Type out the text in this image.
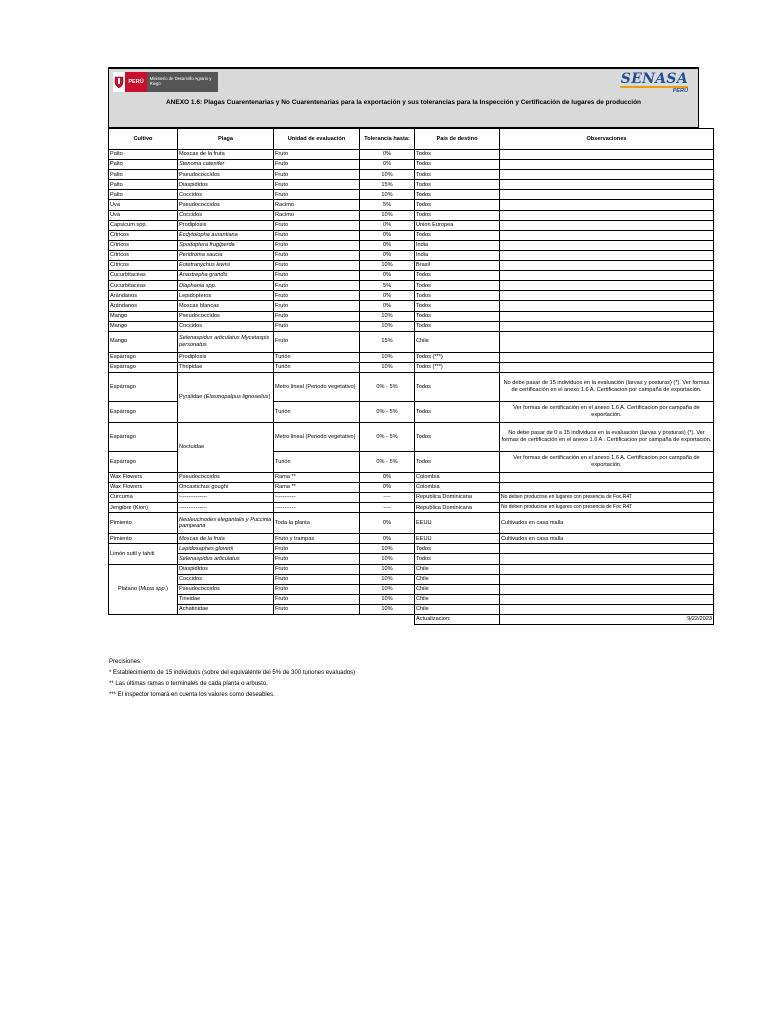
PERÚ
Ministerio de Desarrollo Agrario y Riego	SENASA
PERÚ
ANEXO 1.6: Plagas Cuarentenarias y No Cuarentenarias para la exportación y sus tolerancias para la Inspección y Certificación de lugares de producción
Cultivo	Plaga	Unidad de evaluación	Tolerancia hasta:	País de destino	Observaciones
Palto	Moscas de la fruta	Fruto	0%	Todos	
Palto	Stenoma catenifer	Fruto	0%	Todos	
Palto	Pseudococcidos	Fruto	10%	Todos	
Palto	Diaspididos	Fruto	15%	Todos	
Palto	Coccidos	Fruto	10%	Todos	
Uva	Pseudococcidos	Racimo	5%	Todos	
Uva	Coccidos	Racimo	10%	Todos	
Capsicum spp.	Prodiplosis	Fruto	0%	Union Europea	
Cítricos	Ecdytolopha aurantiana	Fruto	0%	Todos	
Cítricos	Spodoptera frugiperda	Fruto	0%	India	
Cítricos	Peridroma saucia	Fruto	0%	India	
Cítricos	Eotetranychus lewisi	Fruto	10%	Brasil	
Cucurbitaceas	Anastrepha grandis	Fruto	0%	Todos	
Cucurbitaceas	Diaphania spp.	Fruto	5%	Todos	
Arándanos	Lepidopteros	Fruto	0%	Todos	
Arándanos	Moscas blancas	Fruto	0%	Todos	
Mango	Pseudococcidos	Fruto	10%	Todos	
Mango	Coccidos	Fruto	10%	Todos	
Mango	Selenaspidus articulatus Mycetaspis personatus	Fruto	15%	Chile	
Espárrago	Prodiplosis	Turión	10%	Todos (***)	
Espárrago	Thripidae	Turión	10%	Todos (***)	
Espárrago	Pyralidae (Elasmopalpus lignoselius)	Metro lineal (Periodo vegetativo)	0% - 5%	Todos	No debe pasar de 15 individuos en la evaluación (larvas y posturas) (*). Ver formas de certificación en el anexo 1.6 A. Certificacion por campaña de exportación.
Espárrago		Turión	0% - 5%	Todos	Ver formas de certificación en el anexo 1.6 A. Certificacion por campaña de exportación.
Espárrago	Noctuidae	Metro lineal (Periodo vegetativo)	0% - 5%	Todos	No debe pasar de 0 a 15 individuos en la evaluación (larvas y posturas) (*). Ver formas de certificación en el anexo 1.6 A . Certificacion por campaña de exportación.
Espárrago		Turión	0% - 5%	Todos	Ver formas de certificación en el anexo 1.6 A. Certificacion por campaña de exportación.
Wax Flowers	Pseudococcidos	Rama **	0%	Colombia	
Wax Flowers	Oncastichus goughi	Rama **	0%	Colombia	
Curcuma	---------------	-----------	----	Republica Dominicana	No deben producirse en lugares con presencia de Foc R4T
Jengibre (Kion)	---------------	-----------	----	Republica Dominicana	No deben producirse en lugares con presencia de Foc R4T
Pimiento	Neoleucinodes elegantalis y Puccinia pampeana	Toda la planta	0%	EEUU	Cultivados en casa malla
Pimiento	Moscas de la fruta	Fruto y trampas	0%	EEUU	Cultivados en casa malla
Limón sutil y tahiti	Lepidosaphes gloverii	Fruto	10%	Todos	
	Selenaspidus articulatus	Fruto	10%	Todos	
Platano (Musa spp.)	Diaspididos	Fruto	10%	Chile	
	Coccidos	Fruto	10%	Chile	
	Pseudococcidos	Fruto	10%	Chile	
	Tineidae	Fruto	10%	Chile	
	Achatinidae	Fruto	10%	Chile	
				Actualizacion:	9/22/2023
Precisiones:
* Establecimiento de 15 individuos (sobre del equivalente del 5% de 300 turiones evaluados)
** Las últimas ramas o terminales de cada planta o arbusto.
*** El inspector tomará en cuenta los valores como deseables.
